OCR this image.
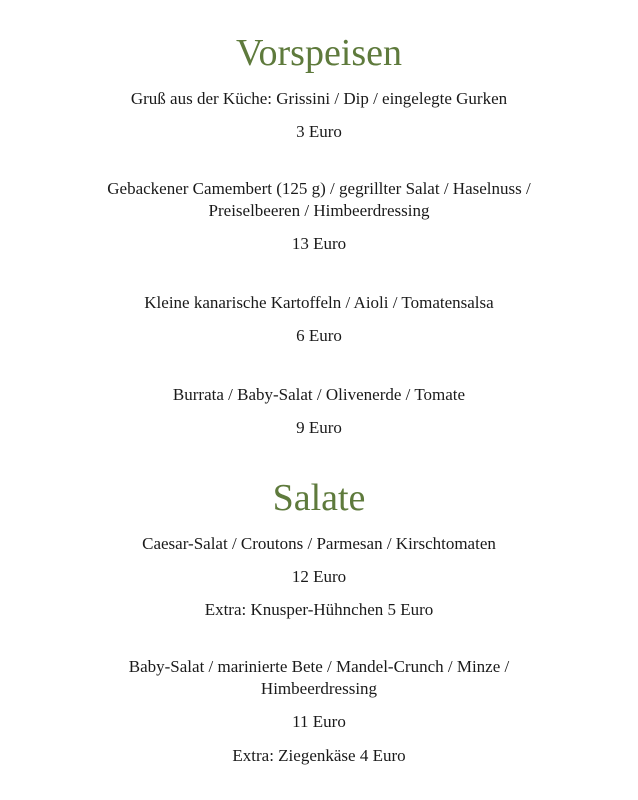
Vorspeisen

Gruß aus der Küche: Grissini / Dip / eingelegte Gurken

3 Euro

Gebackener Camembert (125 g) / gegrillter Salat / Haselnuss /

Preiselbeeren / Himbeerdressing

13 Euro

Kleine kanarische Kartoffeln / Aioli / Tomatensalsa

6 Euro

Burrata / Baby-Salat / Olivenerde / Tomate

9 Euro

Salate

Caesar-Salat / Croutons / Parmesan / Kirschtomaten

12 Euro

Extra: Knusper-Hühnchen 5 Euro

Baby-Salat / marinierte Bete / Mandel-Crunch / Minze /

Himbeerdressing

11 Euro

Extra: Ziegenkäse 4 Euro
